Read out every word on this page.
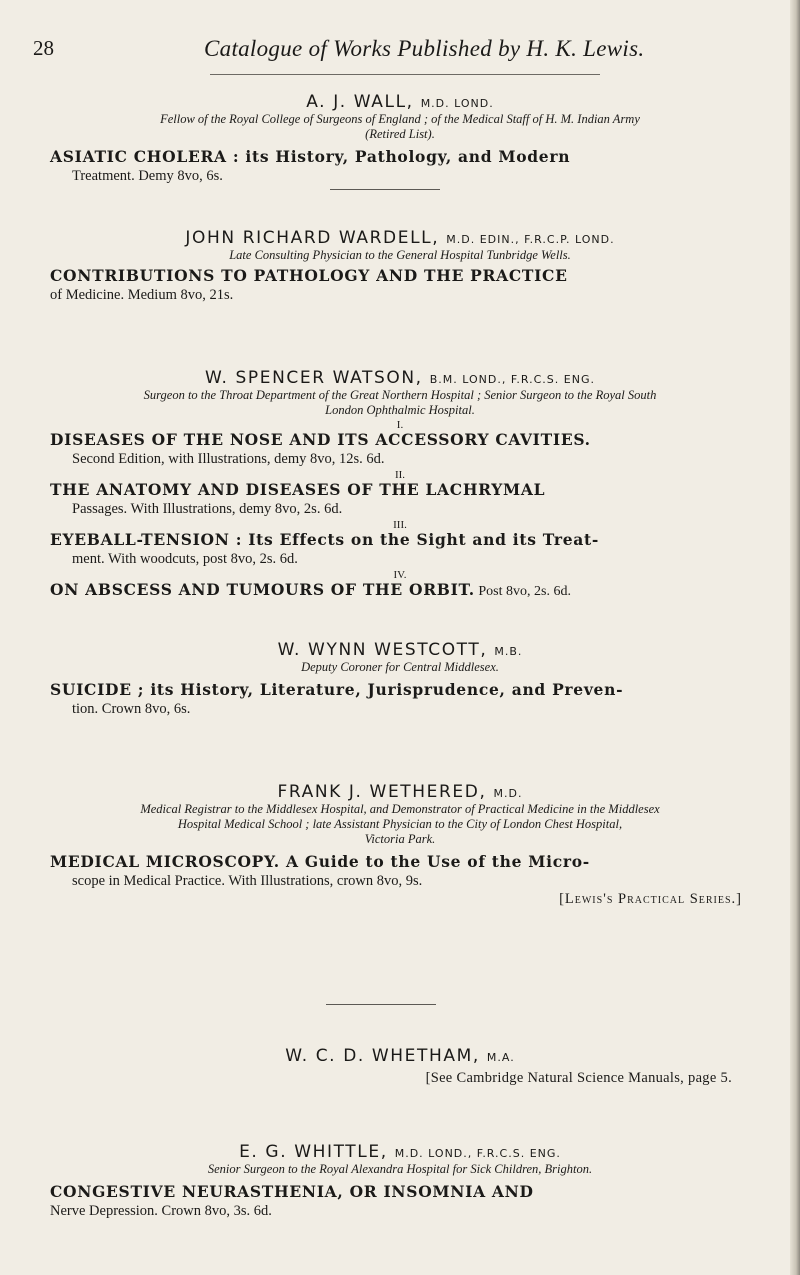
28	Catalogue of Works Published by H. K. Lewis.
A. J. WALL, M.D. LOND.
Fellow of the Royal College of Surgeons of England ; of the Medical Staff of H. M. Indian Army
(Retired List).
ASIATIC CHOLERA : its History, Pathology, and Modern
Treatment. Demy 8vo, 6s.
JOHN RICHARD WARDELL, M.D. EDIN., F.R.C.P. LOND.
Late Consulting Physician to the General Hospital Tunbridge Wells.
CONTRIBUTIONS TO PATHOLOGY AND THE PRACTICE
of Medicine. Medium 8vo, 21s.
W. SPENCER WATSON, B.M. LOND., F.R.C.S. ENG.
Surgeon to the Throat Department of the Great Northern Hospital ; Senior Surgeon to the Royal South
London Ophthalmic Hospital.
I.
DISEASES OF THE NOSE AND ITS ACCESSORY CAVITIES.
Second Edition, with Illustrations, demy 8vo, 12s. 6d.
II.
THE ANATOMY AND DISEASES OF THE LACHRYMAL
Passages. With Illustrations, demy 8vo, 2s. 6d.
III.
EYEBALL-TENSION : Its Effects on the Sight and its Treat-
ment. With woodcuts, post 8vo, 2s. 6d.
IV.
ON ABSCESS AND TUMOURS OF THE ORBIT. Post 8vo, 2s. 6d.
W. WYNN WESTCOTT, M.B.
Deputy Coroner for Central Middlesex.
SUICIDE ; its History, Literature, Jurisprudence, and Preven-
tion. Crown 8vo, 6s.
FRANK J. WETHERED, M.D.
Medical Registrar to the Middlesex Hospital, and Demonstrator of Practical Medicine in the Middlesex
Hospital Medical School ; late Assistant Physician to the City of London Chest Hospital,
Victoria Park.
MEDICAL MICROSCOPY. A Guide to the Use of the Micro-
scope in Medical Practice. With Illustrations, crown 8vo, 9s.
[Lewis's Practical Series.]
W. C. D. WHETHAM, M.A.
[See Cambridge Natural Science Manuals, page 5.
E. G. WHITTLE, M.D. LOND., F.R.C.S. ENG.
Senior Surgeon to the Royal Alexandra Hospital for Sick Children, Brighton.
CONGESTIVE NEURASTHENIA, OR INSOMNIA AND
Nerve Depression. Crown 8vo, 3s. 6d.
